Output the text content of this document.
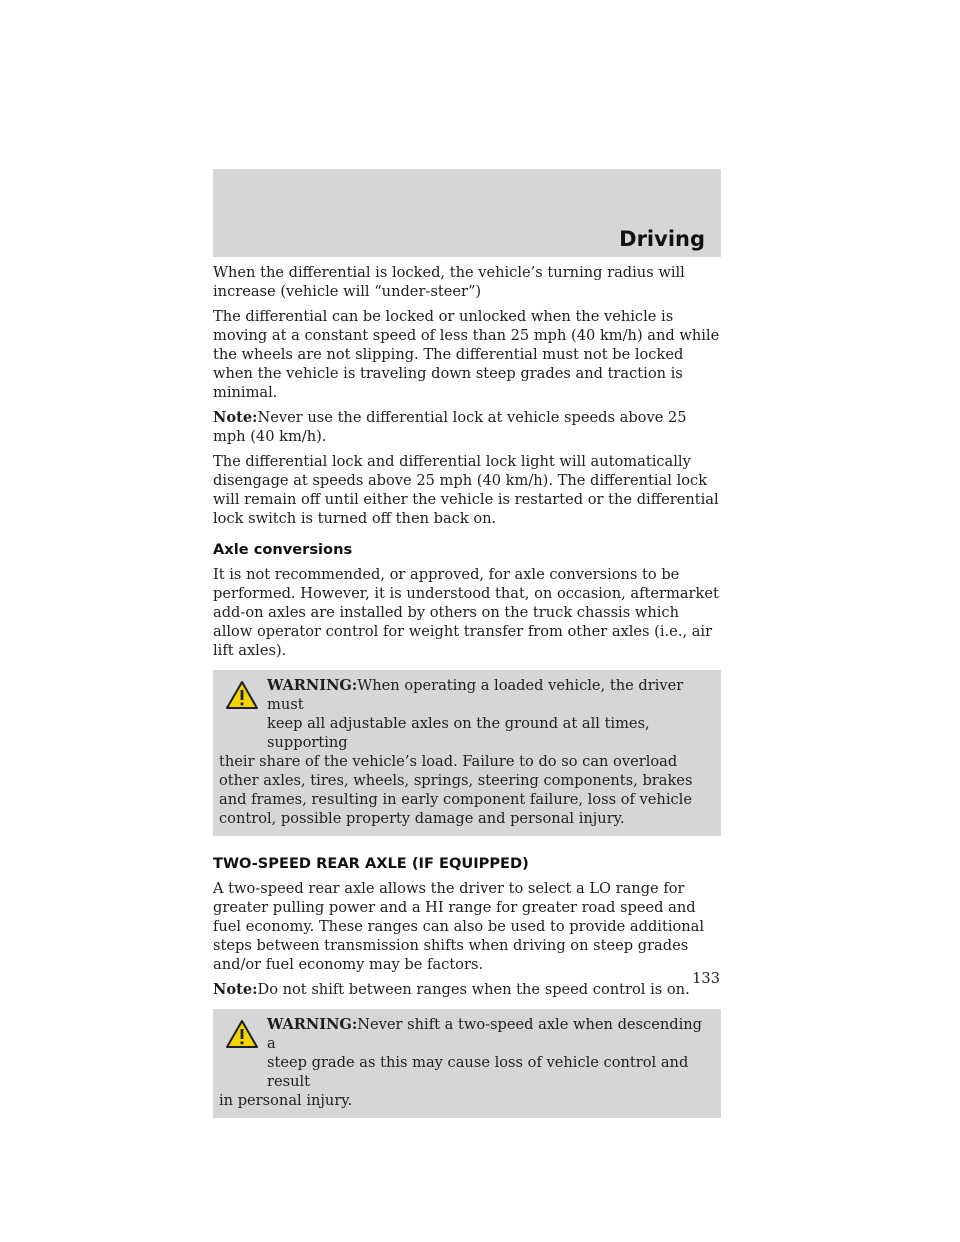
Driving

When the differential is locked, the vehicle’s turning radius will increase (vehicle will “under-steer”)

The differential can be locked or unlocked when the vehicle is moving at a constant speed of less than 25 mph (40 km/h) and while the wheels are not slipping. The differential must not be locked when the vehicle is traveling down steep grades and traction is minimal.

Note:Never use the differential lock at vehicle speeds above 25 mph (40 km/h).

The differential lock and differential lock light will automatically disengage at speeds above 25 mph (40 km/h). The differential lock will remain off until either the vehicle is restarted or the differential lock switch is turned off then back on.

Axle conversions

It is not recommended, or approved, for axle conversions to be performed. However, it is understood that, on occasion, aftermarket add-on axles are installed by others on the truck chassis which allow operator control for weight transfer from other axles (i.e., air lift axles).

WARNING:When operating a loaded vehicle, the driver must

keep all adjustable axles on the ground at all times, supporting

their share of the vehicle’s load. Failure to do so can overload other axles, tires, wheels, springs, steering components, brakes and frames, resulting in early component failure, loss of vehicle control, possible property damage and personal injury.

TWO-SPEED REAR AXLE (IF EQUIPPED)

A two-speed rear axle allows the driver to select a LO range for greater pulling power and a HI range for greater road speed and fuel economy. These ranges can also be used to provide additional steps between transmission shifts when driving on steep grades and/or fuel economy may be factors.

Note:Do not shift between ranges when the speed control is on.

WARNING:Never shift a two-speed axle when descending a

steep grade as this may cause loss of vehicle control and result

in personal injury.

133
